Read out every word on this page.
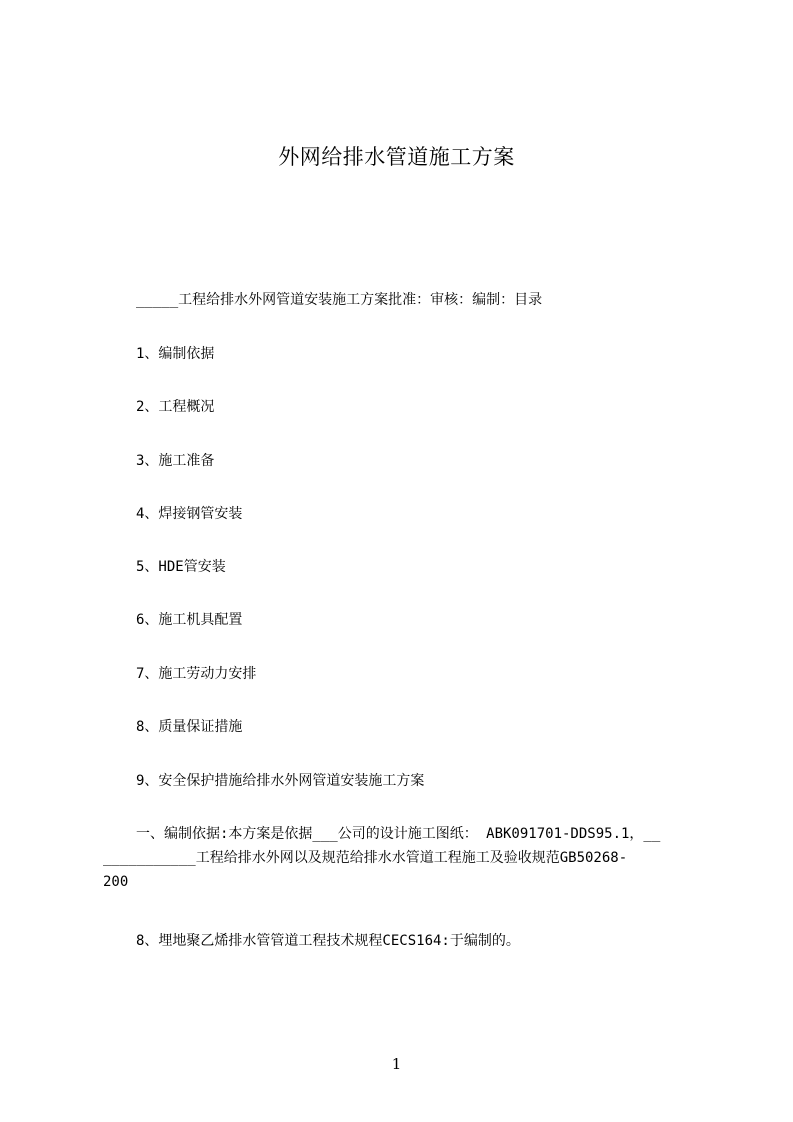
外网给排水管道施工方案
_____工程给排水外网管道安装施工方案批准：审核：编制：目录
1、编制依据
2、工程概况
3、施工准备
4、焊接钢管安装
5、HDE管安装
6、施工机具配置
7、施工劳动力安排
8、质量保证措施
9、安全保护措施给排水外网管道安装施工方案
一、编制依据:本方案是依据___公司的设计施工图纸： ABK091701-DDS95.1，__
___________工程给排水外网以及规范给排水水管道工程施工及验收规范GB50268-
200
8、埋地聚乙烯排水管管道工程技术规程CECS164:于编制的。
1
